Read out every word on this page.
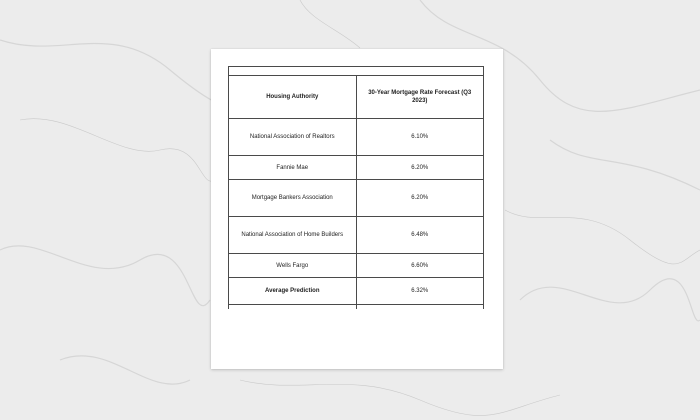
Housing Authority	30-Year Mortgage Rate Forecast (Q3 2023)
National Association of Realtors	6.10%
Fannie Mae	6.20%
Mortgage Bankers Association	6.20%
National Association of Home Builders	6.48%
Wells Fargo	6.60%
Average Prediction	6.32%
